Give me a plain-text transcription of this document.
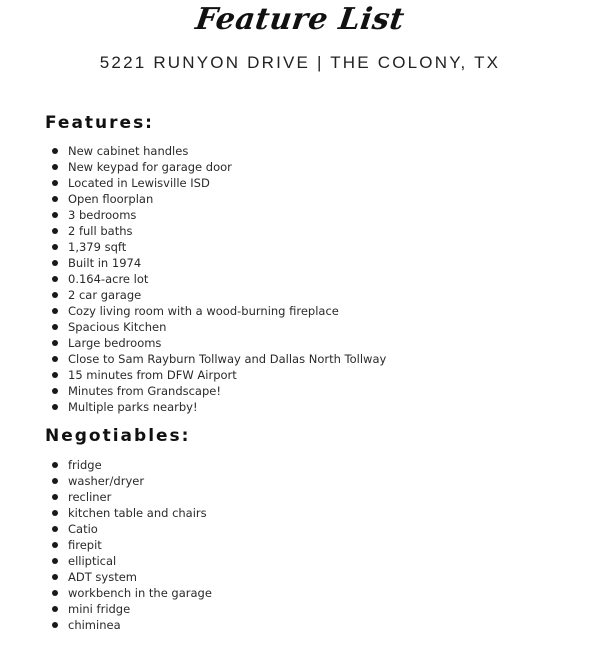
Feature List
5221 RUNYON DRIVE | THE COLONY, TX
Features:
New cabinet handles
New keypad for garage door
Located in Lewisville ISD
Open floorplan
3 bedrooms
2 full baths
1,379 sqft
Built in 1974
0.164-acre lot
2 car garage
Cozy living room with a wood-burning fireplace
Spacious Kitchen
Large bedrooms
Close to Sam Rayburn Tollway and Dallas North Tollway
15 minutes from DFW Airport
Minutes from Grandscape!
Multiple parks nearby!
Negotiables:
fridge
washer/dryer
recliner
kitchen table and chairs
Catio
firepit
elliptical
ADT system
workbench in the garage
mini fridge
chiminea
